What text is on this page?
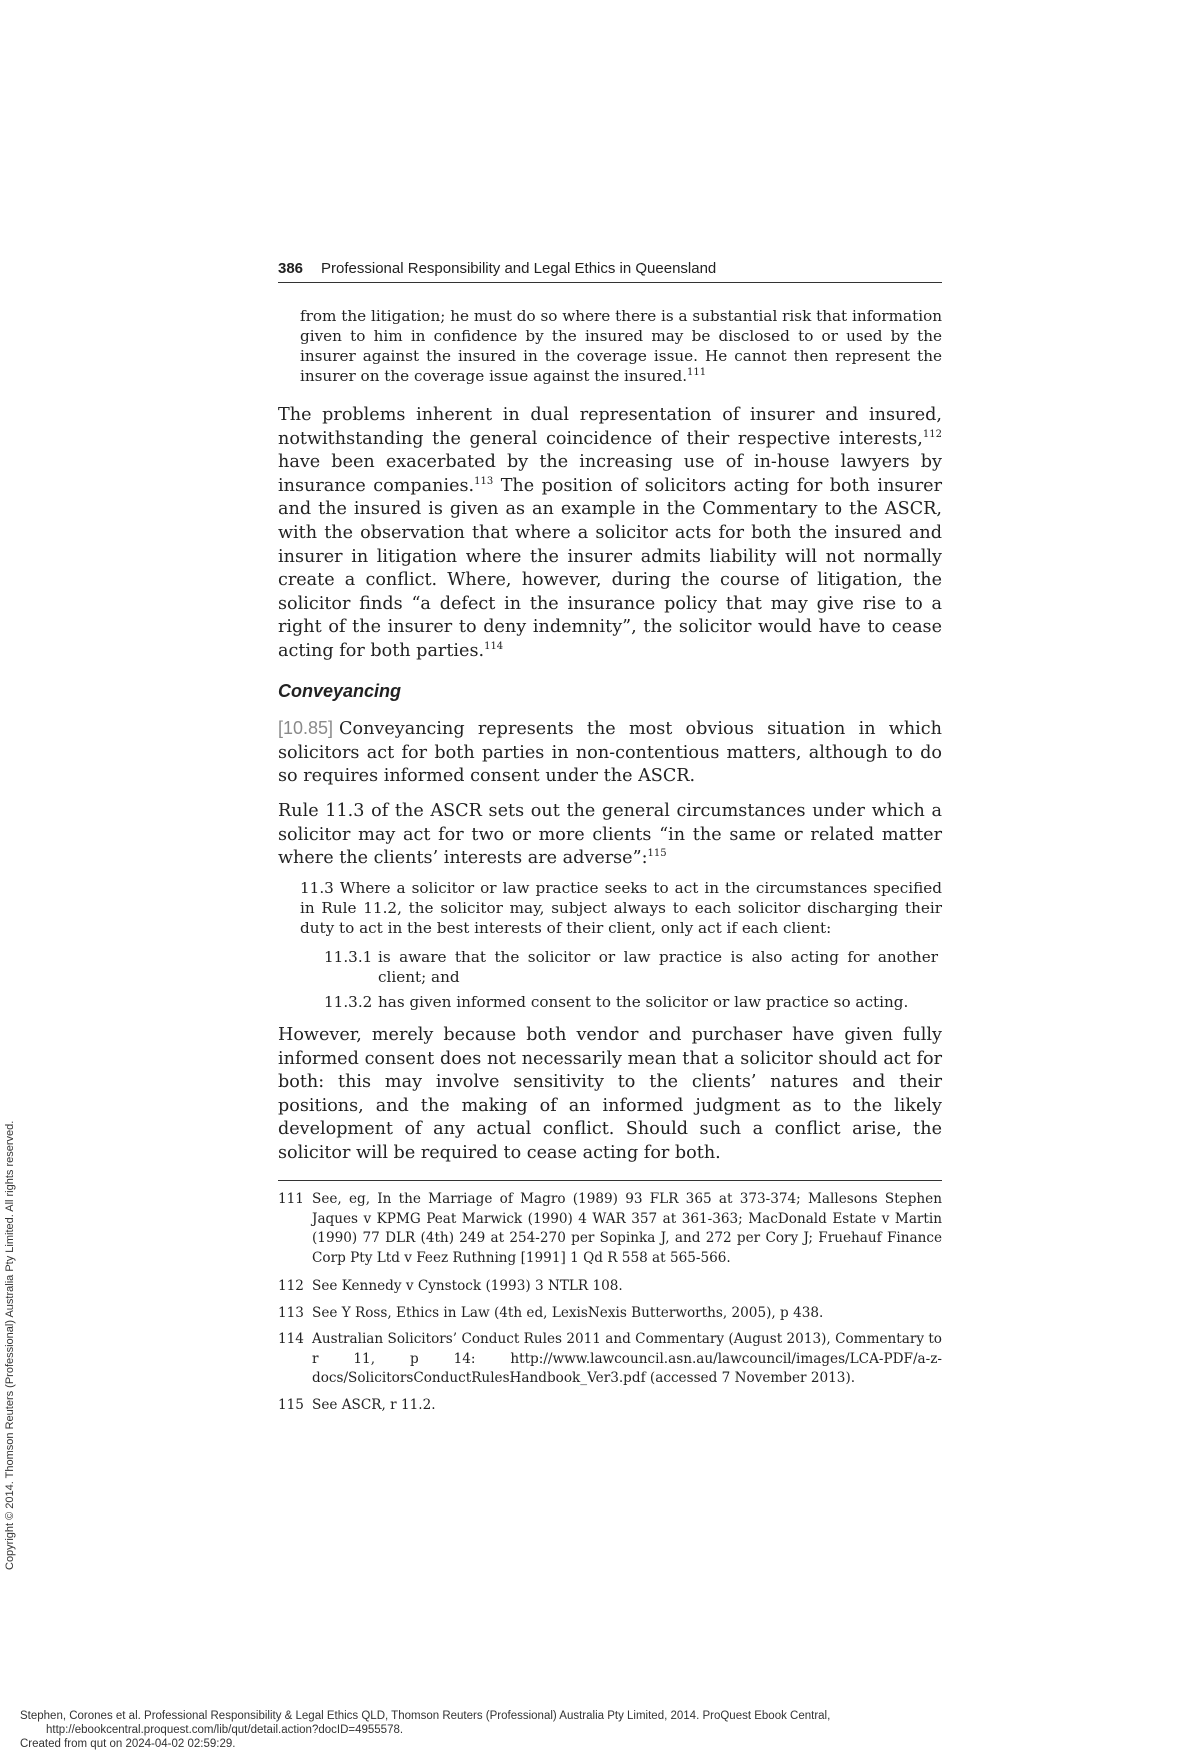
386 Professional Responsibility and Legal Ethics in Queensland
from the litigation; he must do so where there is a substantial risk that information given to him in confidence by the insured may be disclosed to or used by the insurer against the insured in the coverage issue. He cannot then represent the insurer on the coverage issue against the insured.$^{111}$
The problems inherent in dual representation of insurer and insured, notwithstanding the general coincidence of their respective interests,$^{112}$ have been exacerbated by the increasing use of in-house lawyers by insurance companies.$^{113}$ The position of solicitors acting for both insurer and the insured is given as an example in the Commentary to the ASCR, with the observation that where a solicitor acts for both the insured and insurer in litigation where the insurer admits liability will not normally create a conflict. Where, however, during the course of litigation, the solicitor finds “a defect in the insurance policy that may give rise to a right of the insurer to deny indemnity”, the solicitor would have to cease acting for both parties.$^{114}$
Conveyancing
[10.85] Conveyancing represents the most obvious situation in which solicitors act for both parties in non-contentious matters, although to do so requires informed consent under the ASCR.
Rule 11.3 of the ASCR sets out the general circumstances under which a solicitor may act for two or more clients “in the same or related matter where the clients’ interests are adverse”:$^{115}$
11.3 Where a solicitor or law practice seeks to act in the circumstances specified in Rule 11.2, the solicitor may, subject always to each solicitor discharging their duty to act in the best interests of their client, only act if each client:
11.3.1 is aware that the solicitor or law practice is also acting for another client; and
11.3.2 has given informed consent to the solicitor or law practice so acting.
However, merely because both vendor and purchaser have given fully informed consent does not necessarily mean that a solicitor should act for both: this may involve sensitivity to the clients’ natures and their positions, and the making of an informed judgment as to the likely development of any actual conflict. Should such a conflict arise, the solicitor will be required to cease acting for both.
111 See, eg, In the Marriage of Magro (1989) 93 FLR 365 at 373-374; Mallesons Stephen Jaques v KPMG Peat Marwick (1990) 4 WAR 357 at 361-363; MacDonald Estate v Martin (1990) 77 DLR (4th) 249 at 254-270 per Sopinka J, and 272 per Cory J; Fruehauf Finance Corp Pty Ltd v Feez Ruthning [1991] 1 Qd R 558 at 565-566.
112 See Kennedy v Cynstock (1993) 3 NTLR 108.
113 See Y Ross, Ethics in Law (4th ed, LexisNexis Butterworths, 2005), p 438.
114 Australian Solicitors’ Conduct Rules 2011 and Commentary (August 2013), Commentary to r 11, p 14: http://www.lawcouncil.asn.au/lawcouncil/images/LCA-PDF/a-z-docs/SolicitorsConductRulesHandbook_Ver3.pdf (accessed 7 November 2013).
115 See ASCR, r 11.2.
Copyright © 2014. Thomson Reuters (Professional) Australia Pty Limited. All rights reserved.
Stephen, Corones et al. Professional Responsibility & Legal Ethics QLD, Thomson Reuters (Professional) Australia Pty Limited, 2014. ProQuest Ebook Central,
http://ebookcentral.proquest.com/lib/qut/detail.action?docID=4955578.
Created from qut on 2024-04-02 02:59:29.
